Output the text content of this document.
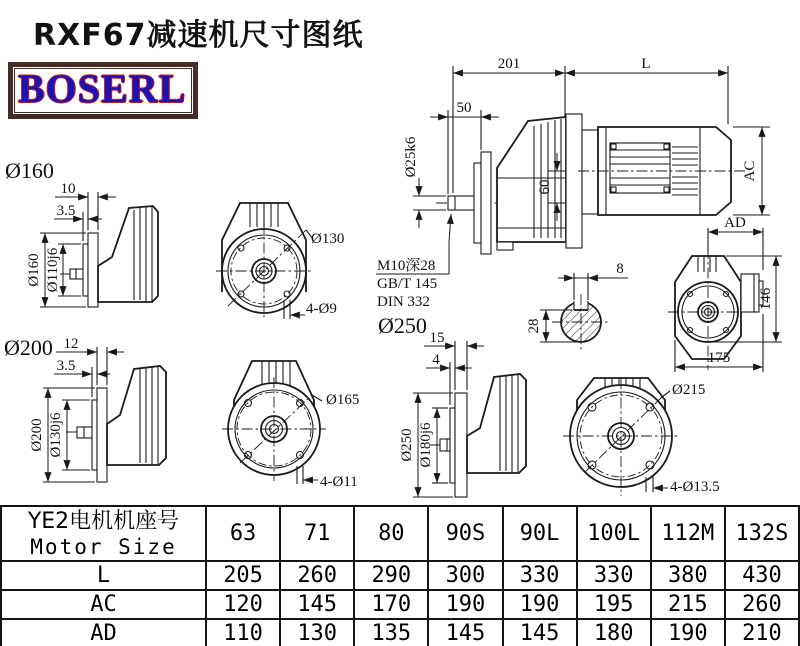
RXF67减速机尺寸图纸
BOSERL
201	L
50
Ø25k6
60
AC
M10深28
GB/T 145
DIN 332
8
28
AD
146
175
Ø160
10
3.5
Ø160 Ø110j6
Ø130
4-Ø9
Ø200 12
3.5
Ø200 Ø130j6
Ø165
4-Ø11
Ø250 15
4
Ø250 Ø180j6
Ø215
4-Ø13.5
YE2电机机座号
Motor Size	63	71	80	90S	90L	100L	112M	132S
L	205	260	290	300	330	330	380	430
AC	120	145	170	190	190	195	215	260
AD	110	130	135	145	145	180	190	210
